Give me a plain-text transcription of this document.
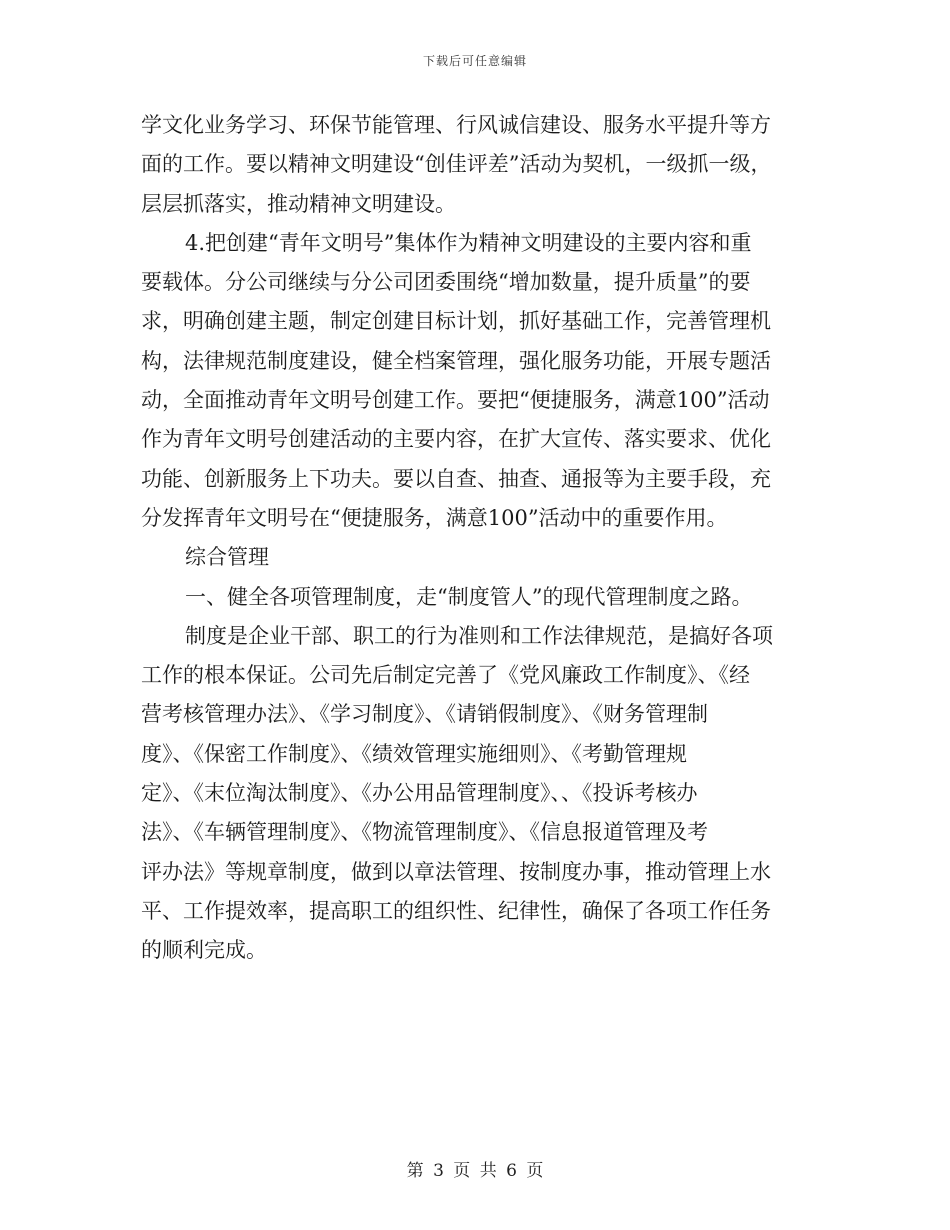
下载后可任意编辑
学文化业务学习、环保节能管理、行风诚信建设、服务水平提升等方
面的工作。要以精神文明建设“创佳评差”活动为契机，一级抓一级，
层层抓落实，推动精神文明建设。
4.把创建“青年文明号”集体作为精神文明建设的主要内容和重
要载体。分公司继续与分公司团委围绕“增加数量，提升质量”的要
求，明确创建主题，制定创建目标计划，抓好基础工作，完善管理机
构，法律规范制度建设，健全档案管理，强化服务功能，开展专题活
动，全面推动青年文明号创建工作。要把“便捷服务，满意100”活动
作为青年文明号创建活动的主要内容，在扩大宣传、落实要求、优化
功能、创新服务上下功夫。要以自查、抽查、通报等为主要手段，充
分发挥青年文明号在“便捷服务，满意100”活动中的重要作用。
综合管理
一、健全各项管理制度，走“制度管人”的现代管理制度之路。
制度是企业干部、职工的行为准则和工作法律规范，是搞好各项
工作的根本保证。公司先后制定完善了《党风廉政工作制度》、《经
营考核管理办法》、《学习制度》、《请销假制度》、《财务管理制
度》、《保密工作制度》、《绩效管理实施细则》、《考勤管理规
定》、《末位淘汰制度》、《办公用品管理制度》、、《投诉考核办
法》、《车辆管理制度》、《物流管理制度》、《信息报道管理及考
评办法》等规章制度，做到以章法管理、按制度办事，推动管理上水
平、工作提效率，提高职工的组织性、纪律性，确保了各项工作任务
的顺利完成。
第 3 页 共 6 页
